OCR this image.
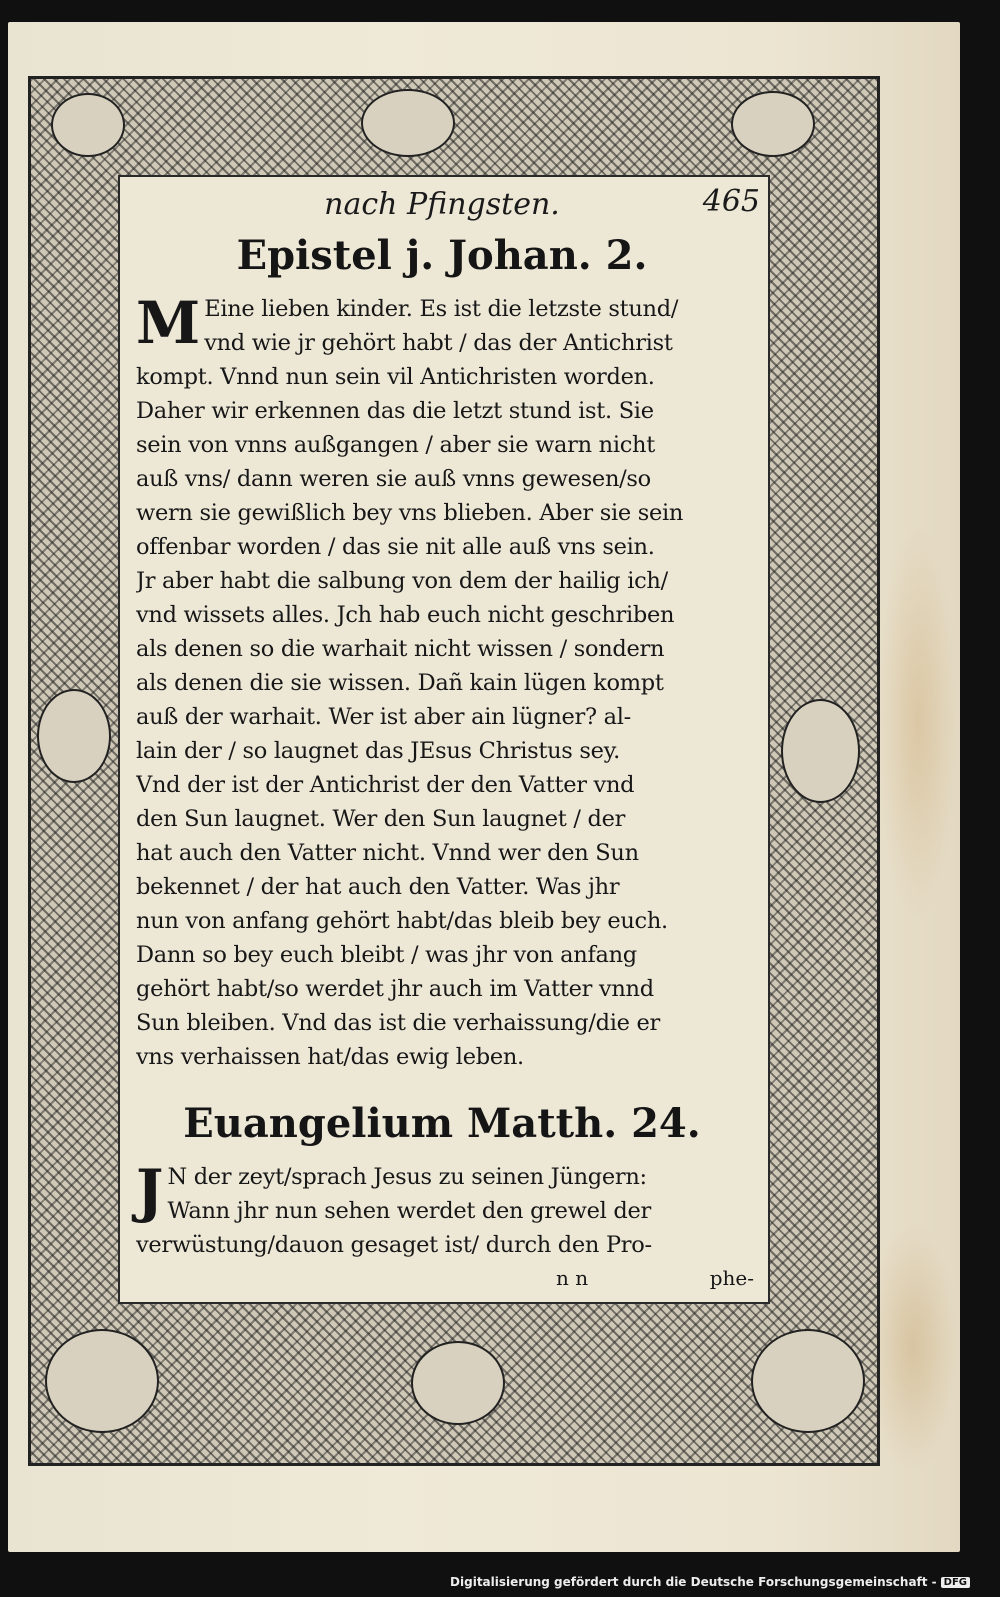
nach Pfingsten.	465
Epistel j. Johan. 2.
M Eine lieben kinder. Es ist die letzste stund/
vnd wie jr gehört habt / das der Antichrist
kompt. Vnnd nun sein vil Antichristen worden.
Daher wir erkennen das die letzt stund ist. Sie
sein von vnns außgangen / aber sie warn nicht
auß vns/ dann weren sie auß vnns gewesen/so
wern sie gewißlich bey vns blieben. Aber sie sein
offenbar worden / das sie nit alle auß vns sein.
Jr aber habt die salbung von dem der hailig ich/
vnd wissets alles. Jch hab euch nicht geschriben
als denen so die warhait nicht wissen / sondern
als denen die sie wissen. Dañ kain lügen kompt
auß der warhait. Wer ist aber ain lügner? al-
lain der / so laugnet das JEsus Christus sey.
Vnd der ist der Antichrist der den Vatter vnd
den Sun laugnet. Wer den Sun laugnet / der
hat auch den Vatter nicht. Vnnd wer den Sun
bekennet / der hat auch den Vatter. Was jhr
nun von anfang gehört habt/das bleib bey euch.
Dann so bey euch bleibt / was jhr von anfang
gehört habt/so werdet jhr auch im Vatter vnnd
Sun bleiben. Vnd das ist die verhaissung/die er
vns verhaissen hat/das ewig leben.
Euangelium Matth. 24.
J N der zeyt/sprach Jesus zu seinen Jüngern:
Wann jhr nun sehen werdet den grewel der
verwüstung/dauon gesaget ist/ durch den Pro-
n n	phe-
Digitalisierung gefördert durch die Deutsche Forschungsgemeinschaft - DFG
